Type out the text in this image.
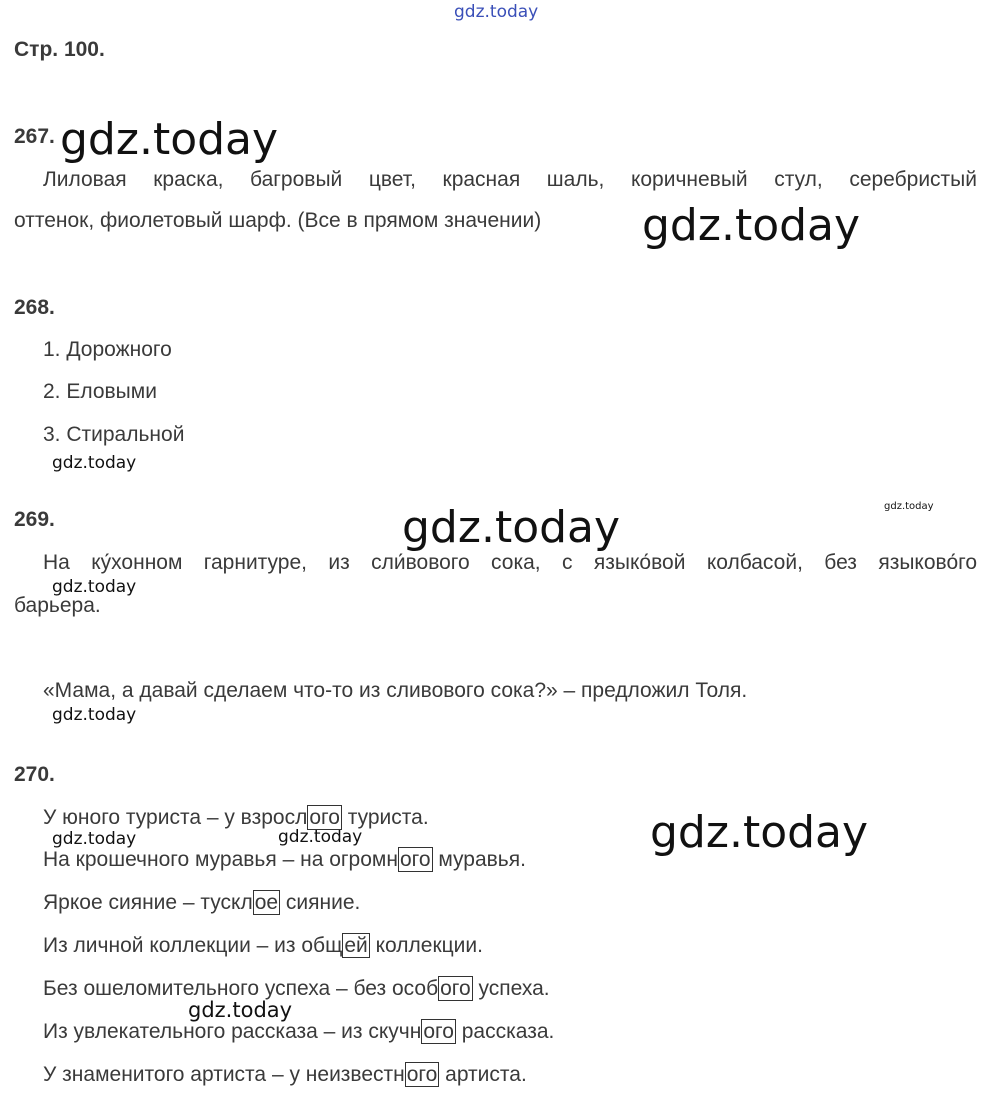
gdz.today
gdz.today
gdz.today
gdz.today
gdz.today	gdz.today
gdz.today
gdz.today
gdz.today
gdz.today	gdz.today
gdz.today
Стр. 100.
267.
Лиловая краска, багровый цвет, красная шаль, коричневый стул, серебристый
оттенок, фиолетовый шарф. (Все в прямом значении)
268.
1. Дорожного
2. Еловыми
3. Стиральной
269.
На ку́хонном гарнитуре, из сли́вового сока, с языко́вой колбасой, без языково́го
барьера.
«Мама, а давай сделаем что-то из сливового сока?» – предложил Толя.
270.
У юного туриста – у взрослого туриста.
На крошечного муравья – на огромного муравья.
Яркое сияние – тусклое сияние.
Из личной коллекции – из общей коллекции.
Без ошеломительного успеха – без особого успеха.
Из увлекательного рассказа – из скучного рассказа.
У знаменитого артиста – у неизвестного артиста.
